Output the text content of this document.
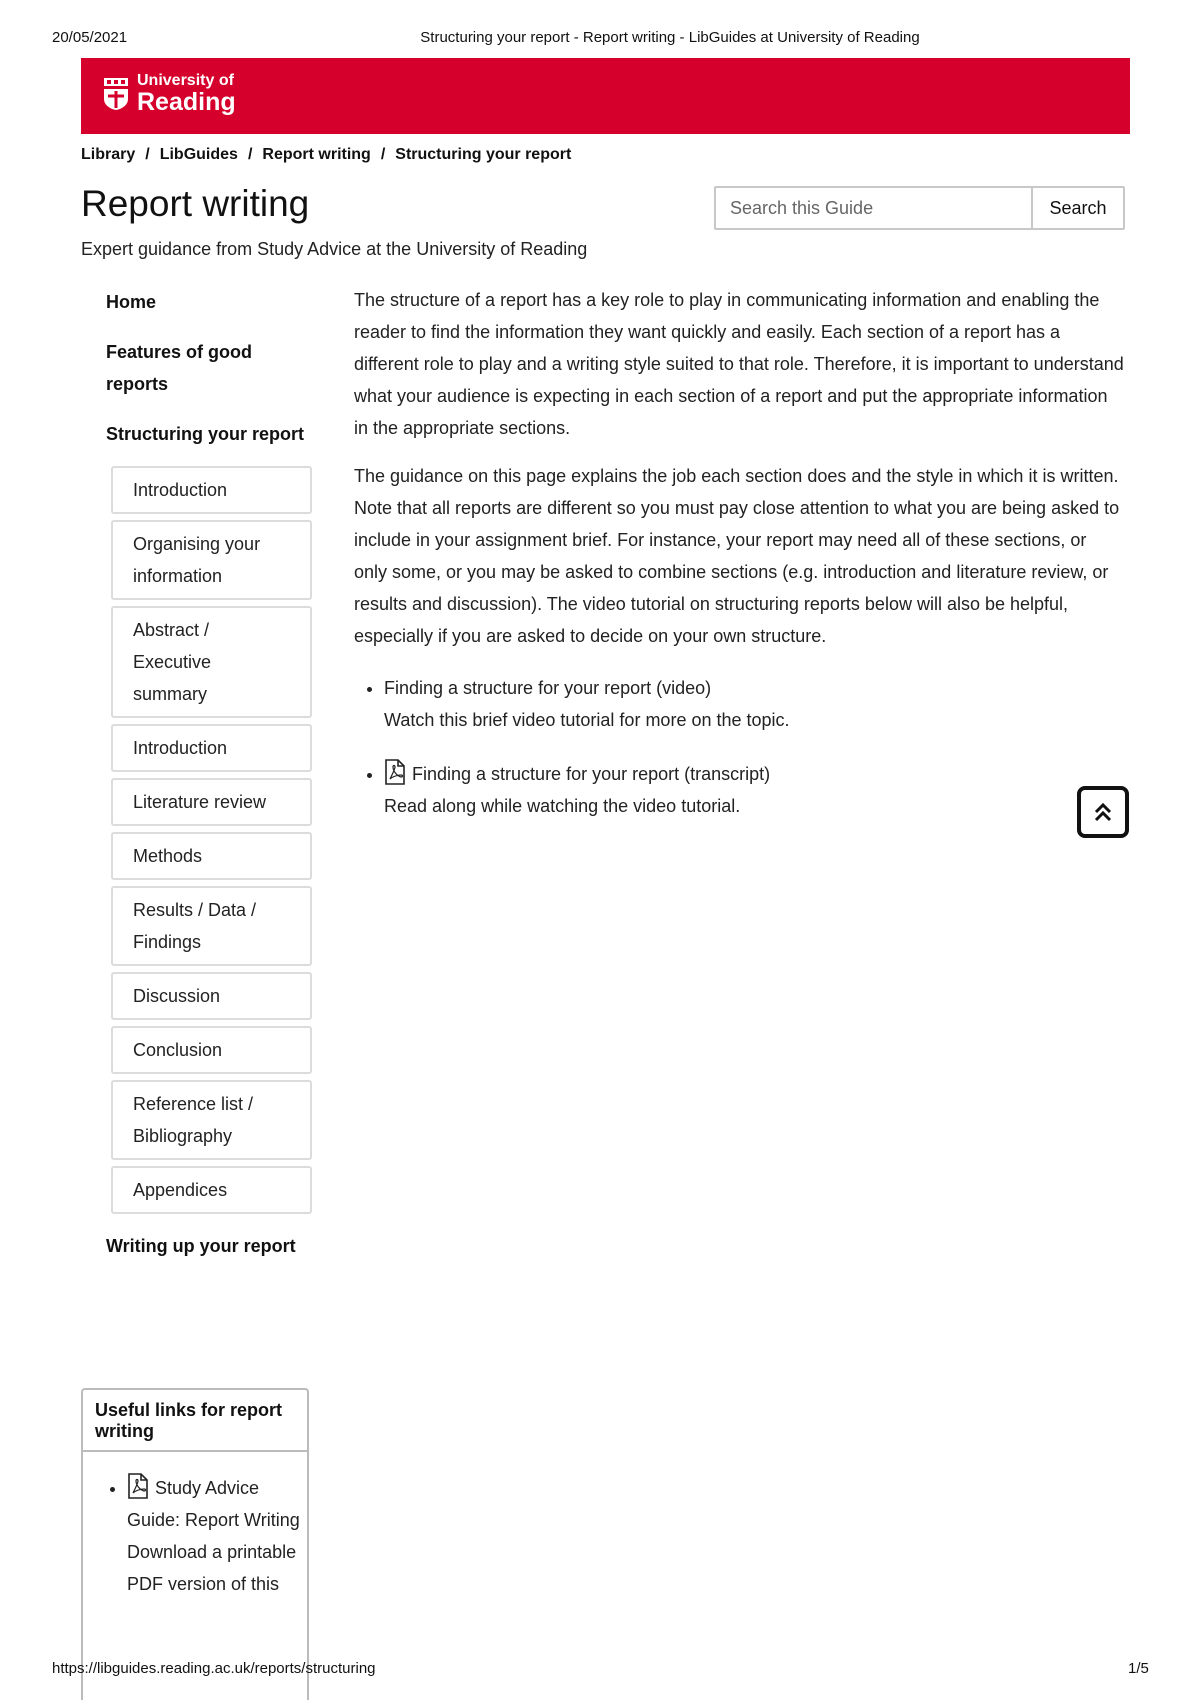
20/05/2021	Structuring your report - Report writing - LibGuides at University of Reading
University of
Reading
Library / LibGuides / Report writing / Structuring your report
Report writing
Expert guidance from Study Advice at the University of Reading
Search this Guide
Search
Home
Features of good reports
Structuring your report
Introduction
Organising your information
Abstract / Executive summary
Introduction
Literature review
Methods
Results / Data / Findings
Discussion
Conclusion
Reference list / Bibliography
Appendices
Writing up your report
Useful links for report writing
• Study Advice Guide: Report Writing
Download a printable PDF version of this

The structure of a report has a key role to play in communicating information and enabling the reader to find the information they want quickly and easily. Each section of a report has a different role to play and a writing style suited to that role. Therefore, it is important to understand what your audience is expecting in each section of a report and put the appropriate information in the appropriate sections.

The guidance on this page explains the job each section does and the style in which it is written. Note that all reports are different so you must pay close attention to what you are being asked to include in your assignment brief. For instance, your report may need all of these sections, or only some, or you may be asked to combine sections (e.g. introduction and literature review, or results and discussion). The video tutorial on structuring reports below will also be helpful, especially if you are asked to decide on your own structure.

• Finding a structure for your report (video)
Watch this brief video tutorial for more on the topic.
• Finding a structure for your report (transcript)
Read along while watching the video tutorial.
https://libguides.reading.ac.uk/reports/structuring	1/5
